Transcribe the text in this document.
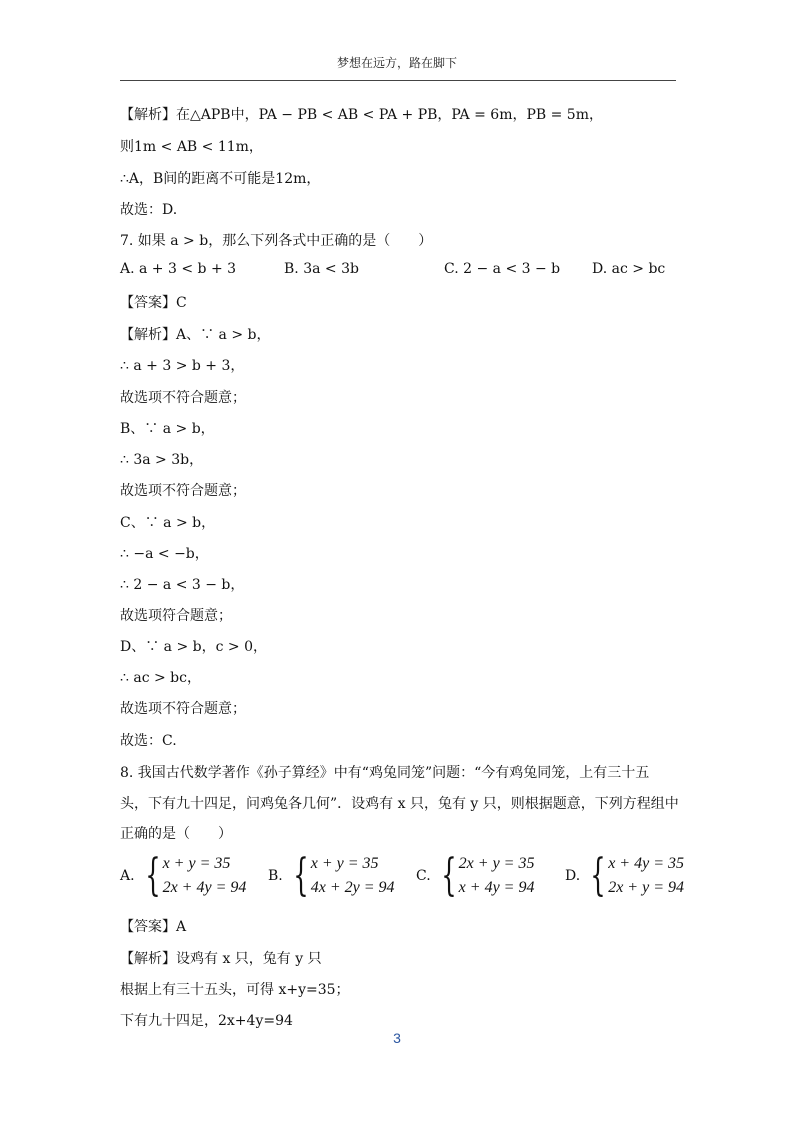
梦想在远方，路在脚下
【解析】在△APB中，PA − PB < AB < PA + PB，PA = 6m，PB = 5m，
则1m < AB < 11m，
∴A，B间的距离不可能是12m，
故选：D.
7. 如果 a > b，那么下列各式中正确的是（　　）
A. a + 3 < b + 3	B. 3a < 3b	C. 2 − a < 3 − b D. ac > bc
【答案】C
【解析】A、∵ a > b，
∴ a + 3 > b + 3，
故选项不符合题意；
B、∵ a > b，
∴ 3a > 3b，
故选项不符合题意；
C、∵ a > b，
∴ −a < −b，
∴ 2 − a < 3 − b，
故选项符合题意；
D、∵ a > b，c > 0，
∴ ac > bc，
故选项不符合题意；
故选：C.
8. 我国古代数学著作《孙子算经》中有“鸡兔同笼”问题：“今有鸡兔同笼，上有三十五
头，下有九十四足，问鸡兔各几何”．设鸡有 x 只，兔有 y 只，则根据题意，下列方程组中
正确的是（　　）
A. { x + y = 35
2x + 4y = 94
B. { x + y = 35
4x + 2y = 94
C. { 2x + y = 35
x + 4y = 94
D. { x + 4y = 35
2x + y = 94
【答案】A
【解析】设鸡有 x 只，兔有 y 只
根据上有三十五头，可得 x+y=35；
下有九十四足，2x+4y=94
3
